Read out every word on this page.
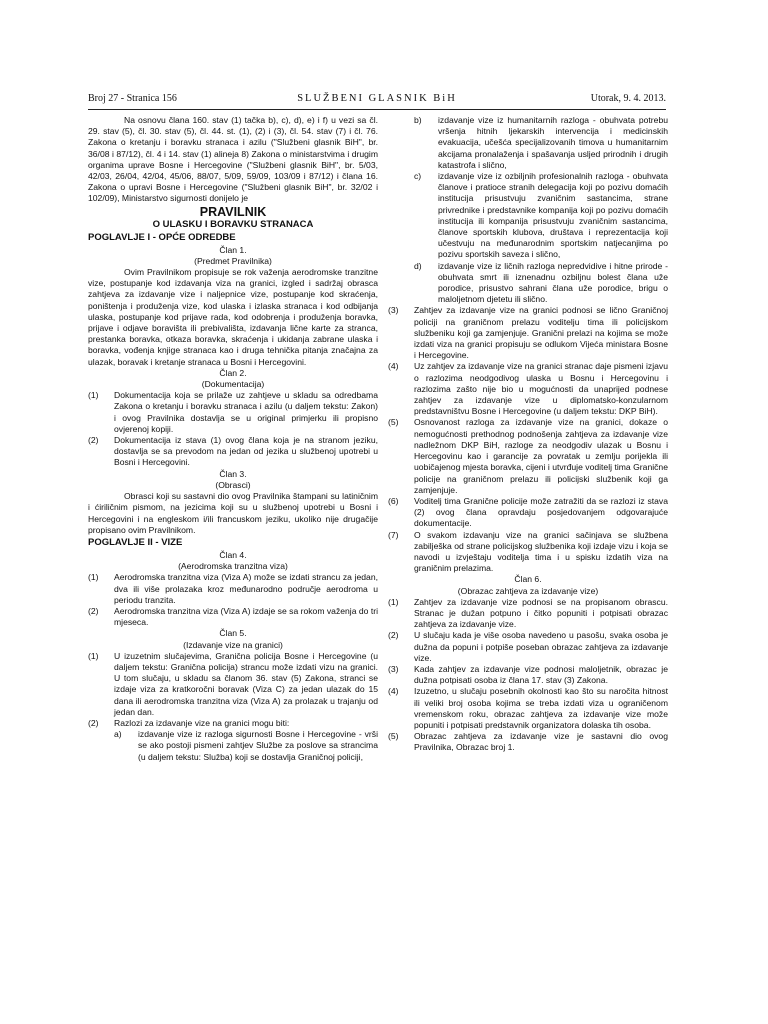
Broj 27 - Stranica 156	SLUŽBENI GLASNIK BiH	Utorak, 9. 4. 2013.

Na osnovu člana 160. stav (1) tačka b), c), d), e) i f) u vezi sa čl. 29. stav (5), čl. 30. stav (5), čl. 44. st. (1), (2) i (3), čl. 54. stav (7) i čl. 76. Zakona o kretanju i boravku stranaca i azilu ("Službeni glasnik BiH", br. 36/08 i 87/12), čl. 4 i 14. stav (1) alineja 8) Zakona o ministarstvima i drugim organima uprave Bosne i Hercegovine ("Službeni glasnik BiH", br. 5/03, 42/03, 26/04, 42/04, 45/06, 88/07, 5/09, 59/09, 103/09 i 87/12) i člana 16. Zakona o upravi Bosne i Hercegovine ("Službeni glasnik BiH", br. 32/02 i 102/09), Ministarstvo sigurnosti donijelo je

PRAVILNIK
O ULASKU I BORAVKU STRANACA
POGLAVLJE I - OPĆE ODREDBE
Član 1.
(Predmet Pravilnika)

Ovim Pravilnikom propisuje se rok važenja aerodromske tranzitne vize, postupanje kod izdavanja viza na granici, izgled i sadržaj obrasca zahtjeva za izdavanje vize i naljepnice vize, postupanje kod skraćenja, poništenja i produženja vize, kod ulaska i izlaska stranaca i kod odbijanja ulaska, postupanje kod prijave rada, kod odobrenja i produženja boravka, prijave i odjave boravišta ili prebivališta, izdavanja lične karte za stranca, prestanka boravka, otkaza boravka, skraćenja i ukidanja zabrane ulaska i boravka, vođenja knjige stranaca kao i druga tehnička pitanja značajna za ulazak, boravak i kretanje stranaca u Bosni i Hercegovini.

Član 2.
(Dokumentacija)
(1)	Dokumentacija koja se prilaže uz zahtjeve u skladu sa odredbama Zakona o kretanju i boravku stranaca i azilu (u daljem tekstu: Zakon) i ovog Pravilnika dostavlja se u original primjerku ili propisno ovjerenoj kopiji.
(2)	Dokumentacija iz stava (1) ovog člana koja je na stranom jeziku, dostavlja se sa prevodom na jedan od jezika u službenoj upotrebi u Bosni i Hercegovini.
Član 3.
(Obrasci)

Obrasci koji su sastavni dio ovog Pravilnika štampani su latiničnim i ćiriličnim pismom, na jezicima koji su u službenoj upotrebi u Bosni i Hercegovini i na engleskom i/ili francuskom jeziku, ukoliko nije drugačije propisano ovim Pravilnikom.

POGLAVLJE II - VIZE
Član 4.
(Aerodromska tranzitna viza)
(1)	Aerodromska tranzitna viza (Viza A) može se izdati strancu za jedan, dva ili više prolazaka kroz međunarodno područje aerodroma u periodu tranzita.
(2)	Aerodromska tranzitna viza (Viza A) izdaje se sa rokom važenja do tri mjeseca.
Član 5.
(Izdavanje vize na granici)
(1)	U izuzetnim slučajevima, Granična policija Bosne i Hercegovine (u daljem tekstu: Granična policija) strancu može izdati vizu na granici. U tom slučaju, u skladu sa članom 36. stav (5) Zakona, stranci se izdaje viza za kratkoročni boravak (Viza C) za jedan ulazak do 15 dana ili aerodromska tranzitna viza (Viza A) za prolazak u trajanju od jedan dan.
(2)	Razlozi za izdavanje vize na granici mogu biti:
a)	izdavanje vize iz razloga sigurnosti Bosne i Hercegovine - vrši se ako postoji pismeni zahtjev Službe za poslove sa strancima (u daljem tekstu: Služba) koji se dostavlja Graničnoj policiji,
b)	izdavanje vize iz humanitarnih razloga - obuhvata potrebu vršenja hitnih ljekarskih intervencija i medicinskih evakuacija, učešća specijalizovanih timova u humanitarnim akcijama pronalaženja i spašavanja usljed prirodnih i drugih katastrofa i slično,
c)	izdavanje vize iz ozbiljnih profesionalnih razloga - obuhvata članove i pratioce stranih delegacija koji po pozivu domaćih institucija prisustvuju zvaničnim sastancima, strane privrednike i predstavnike kompanija koji po pozivu domaćih institucija ili kompanija prisustvuju zvaničnim sastancima, članove sportskih klubova, društava i reprezentacija koji učestvuju na međunarodnim sportskim natjecanjima po pozivu sportskih saveza i slično,
d)	izdavanje vize iz ličnih razloga nepredvidive i hitne prirode - obuhvata smrt ili iznenadnu ozbiljnu bolest člana uže porodice, prisustvo sahrani člana uže porodice, brigu o maloljetnom djetetu ili slično.
(3)	Zahtjev za izdavanje vize na granici podnosi se lično Graničnoj policiji na graničnom prelazu voditelju tima ili policijskom službeniku koji ga zamjenjuje. Granični prelazi na kojima se može izdati viza na granici propisuju se odlukom Vijeća ministara Bosne i Hercegovine.
(4)	Uz zahtjev za izdavanje vize na granici stranac daje pismeni izjavu o razlozima neodgodivog ulaska u Bosnu i Hercegovinu i razlozima zašto nije bio u mogućnosti da unaprijed podnese zahtjev za izdavanje vize u diplomatsko-konzularnom predstavništvu Bosne i Hercegovine (u daljem tekstu: DKP BiH).
(5)	Osnovanost razloga za izdavanje vize na granici, dokaze o nemogućnosti prethodnog podnošenja zahtjeva za izdavanje vize nadležnom DKP BiH, razloge za neodgodiv ulazak u Bosnu i Hercegovinu kao i garancije za povratak u zemlju porijekla ili uobičajenog mjesta boravka, cijeni i utvrđuje voditelj tima Granične policije na graničnom prelazu ili policijski službenik koji ga zamjenjuje.
(6)	Voditelj tima Granične policije može zatražiti da se razlozi iz stava (2) ovog člana opravdaju posjedovanjem odgovarajuće dokumentacije.
(7)	O svakom izdavanju vize na granici sačinjava se službena zabilješka od strane policijskog službenika koji izdaje vizu i koja se navodi u izvještaju voditelja tima i u spisku izdatih viza na graničnim prelazima.
Član 6.
(Obrazac zahtjeva za izdavanje vize)
(1)	Zahtjev za izdavanje vize podnosi se na propisanom obrascu. Stranac je dužan potpuno i čitko popuniti i potpisati obrazac zahtjeva za izdavanje vize.
(2)	U slučaju kada je više osoba navedeno u pasošu, svaka osoba je dužna da popuni i potpiše poseban obrazac zahtjeva za izdavanje vize.
(3)	Kada zahtjev za izdavanje vize podnosi maloljetnik, obrazac je dužna potpisati osoba iz člana 17. stav (3) Zakona.
(4)	Izuzetno, u slučaju posebnih okolnosti kao što su naročita hitnost ili veliki broj osoba kojima se treba izdati viza u ograničenom vremenskom roku, obrazac zahtjeva za izdavanje vize može popuniti i potpisati predstavnik organizatora dolaska tih osoba.
(5)	Obrazac zahtjeva za izdavanje vize je sastavni dio ovog Pravilnika, Obrazac broj 1.
